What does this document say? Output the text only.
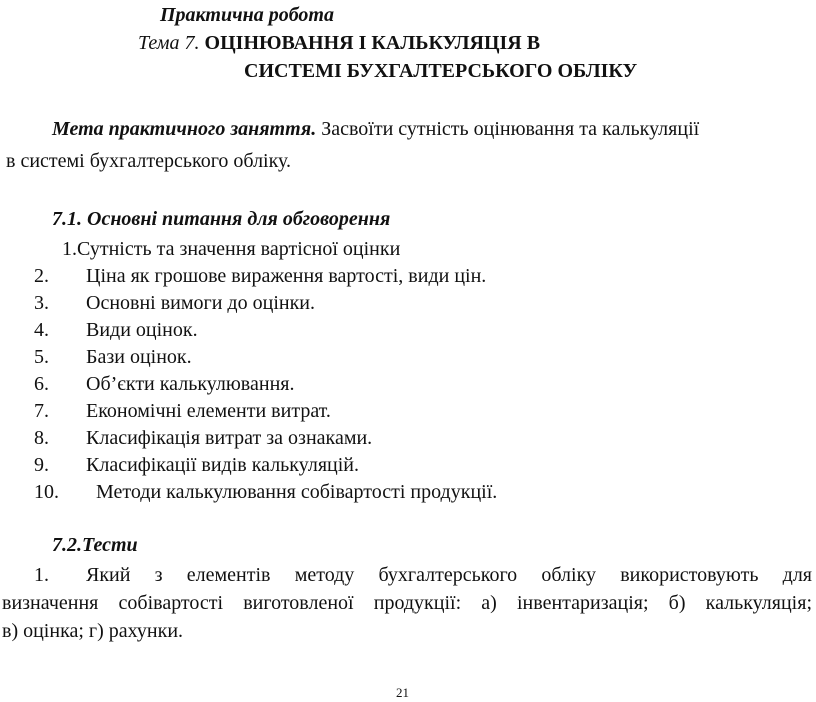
Практична робота
Тема 7. ОЦІНЮВАННЯ І КАЛЬКУЛЯЦІЯ В
СИСТЕМІ БУХГАЛТЕРСЬКОГО ОБЛІКУ
Мета практичного заняття. Засвоїти сутність оцінювання та калькуляції
в системі бухгалтерського обліку.
7.1. Основні питання для обговорення
1.Сутність та значення вартісної оцінки
2. Ціна як грошове вираження вартості, види цін.
3. Основні вимоги до оцінки.
4. Види оцінок.
5. Бази оцінок.
6. Об’єкти калькулювання.
7. Економічні елементи витрат.
8. Класифікація витрат за ознаками.
9. Класифікації видів калькуляцій.
10. Методи калькулювання собівартості продукції.
7.2.Тести
1. Який з елементів методу бухгалтерського обліку використовують для
визначення собівартості виготовленої продукції: а) інвентаризація; б) калькуляція;
в) оцінка; г) рахунки.
21
